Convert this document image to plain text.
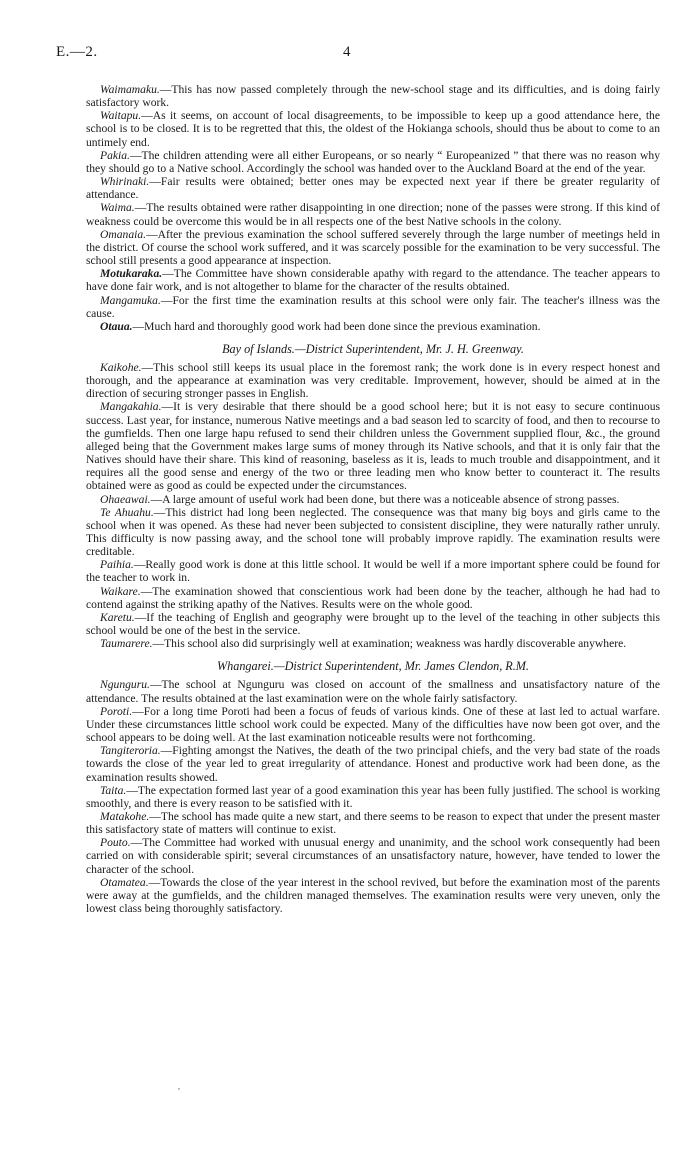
E.—2.	4

Waimamaku.—This has now passed completely through the new-school stage and its difficulties, and is doing fairly satisfactory work.

Waitapu.—As it seems, on account of local disagreements, to be impossible to keep up a good attendance here, the school is to be closed. It is to be regretted that this, the oldest of the Hokianga schools, should thus be about to come to an untimely end.

Pakia.—The children attending were all either Europeans, or so nearly “ Europeanized ” that there was no reason why they should go to a Native school. Accordingly the school was handed over to the Auckland Board at the end of the year.

Whirinaki.—Fair results were obtained; better ones may be expected next year if there be greater regularity of attendance.

Waima.—The results obtained were rather disappointing in one direction; none of the passes were strong. If this kind of weakness could be overcome this would be in all respects one of the best Native schools in the colony.

Omanaia.—After the previous examination the school suffered severely through the large number of meetings held in the district. Of course the school work suffered, and it was scarcely possible for the examination to be very successful. The school still presents a good appearance at inspection.

Motukaraka.—The Committee have shown considerable apathy with regard to the attendance. The teacher appears to have done fair work, and is not altogether to blame for the character of the results obtained.

Mangamuka.—For the first time the examination results at this school were only fair. The teacher's illness was the cause.

Otaua.—Much hard and thoroughly good work had been done since the previous examination.

Bay of Islands.—District Superintendent, Mr. J. H. Greenway.

Kaikohe.—This school still keeps its usual place in the foremost rank; the work done is in every respect honest and thorough, and the appearance at examination was very creditable. Improvement, however, should be aimed at in the direction of securing stronger passes in English.

Mangakahia.—It is very desirable that there should be a good school here; but it is not easy to secure continuous success. Last year, for instance, numerous Native meetings and a bad season led to scarcity of food, and then to recourse to the gumfields. Then one large hapu refused to send their children unless the Government supplied flour, &c., the ground alleged being that the Government makes large sums of money through its Native schools, and that it is only fair that the Natives should have their share. This kind of reasoning, baseless as it is, leads to much trouble and disappointment, and it requires all the good sense and energy of the two or three leading men who know better to counteract it. The results obtained were as good as could be expected under the circumstances.

Ohaeawai.—A large amount of useful work had been done, but there was a noticeable absence of strong passes.

Te Ahuahu.—This district had long been neglected. The consequence was that many big boys and girls came to the school when it was opened. As these had never been subjected to consistent discipline, they were naturally rather unruly. This difficulty is now passing away, and the school tone will probably improve rapidly. The examination results were creditable.

Paihia.—Really good work is done at this little school. It would be well if a more important sphere could be found for the teacher to work in.

Waikare.—The examination showed that conscientious work had been done by the teacher, although he had had to contend against the striking apathy of the Natives. Results were on the whole good.

Karetu.—If the teaching of English and geography were brought up to the level of the teaching in other subjects this school would be one of the best in the service.

Taumarere.—This school also did surprisingly well at examination; weakness was hardly discoverable anywhere.

Whangarei.—District Superintendent, Mr. James Clendon, R.M.

Ngunguru.—The school at Ngunguru was closed on account of the smallness and unsatisfactory nature of the attendance. The results obtained at the last examination were on the whole fairly satisfactory.

Poroti.—For a long time Poroti had been a focus of feuds of various kinds. One of these at last led to actual warfare. Under these circumstances little school work could be expected. Many of the difficulties have now been got over, and the school appears to be doing well. At the last examination noticeable results were not forthcoming.

Tangiteroria.—Fighting amongst the Natives, the death of the two principal chiefs, and the very bad state of the roads towards the close of the year led to great irregularity of attendance. Honest and productive work had been done, as the examination results showed.

Taita.—The expectation formed last year of a good examination this year has been fully justified. The school is working smoothly, and there is every reason to be satisfied with it.

Matakohe.—The school has made quite a new start, and there seems to be reason to expect that under the present master this satisfactory state of matters will continue to exist.

Pouto.—The Committee had worked with unusual energy and unanimity, and the school work consequently had been carried on with considerable spirit; several circumstances of an unsatisfactory nature, however, have tended to lower the character of the school.

Otamatea.—Towards the close of the year interest in the school revived, but before the examination most of the parents were away at the gumfields, and the children managed themselves. The examination results were very uneven, only the lowest class being thoroughly satisfactory.

,
